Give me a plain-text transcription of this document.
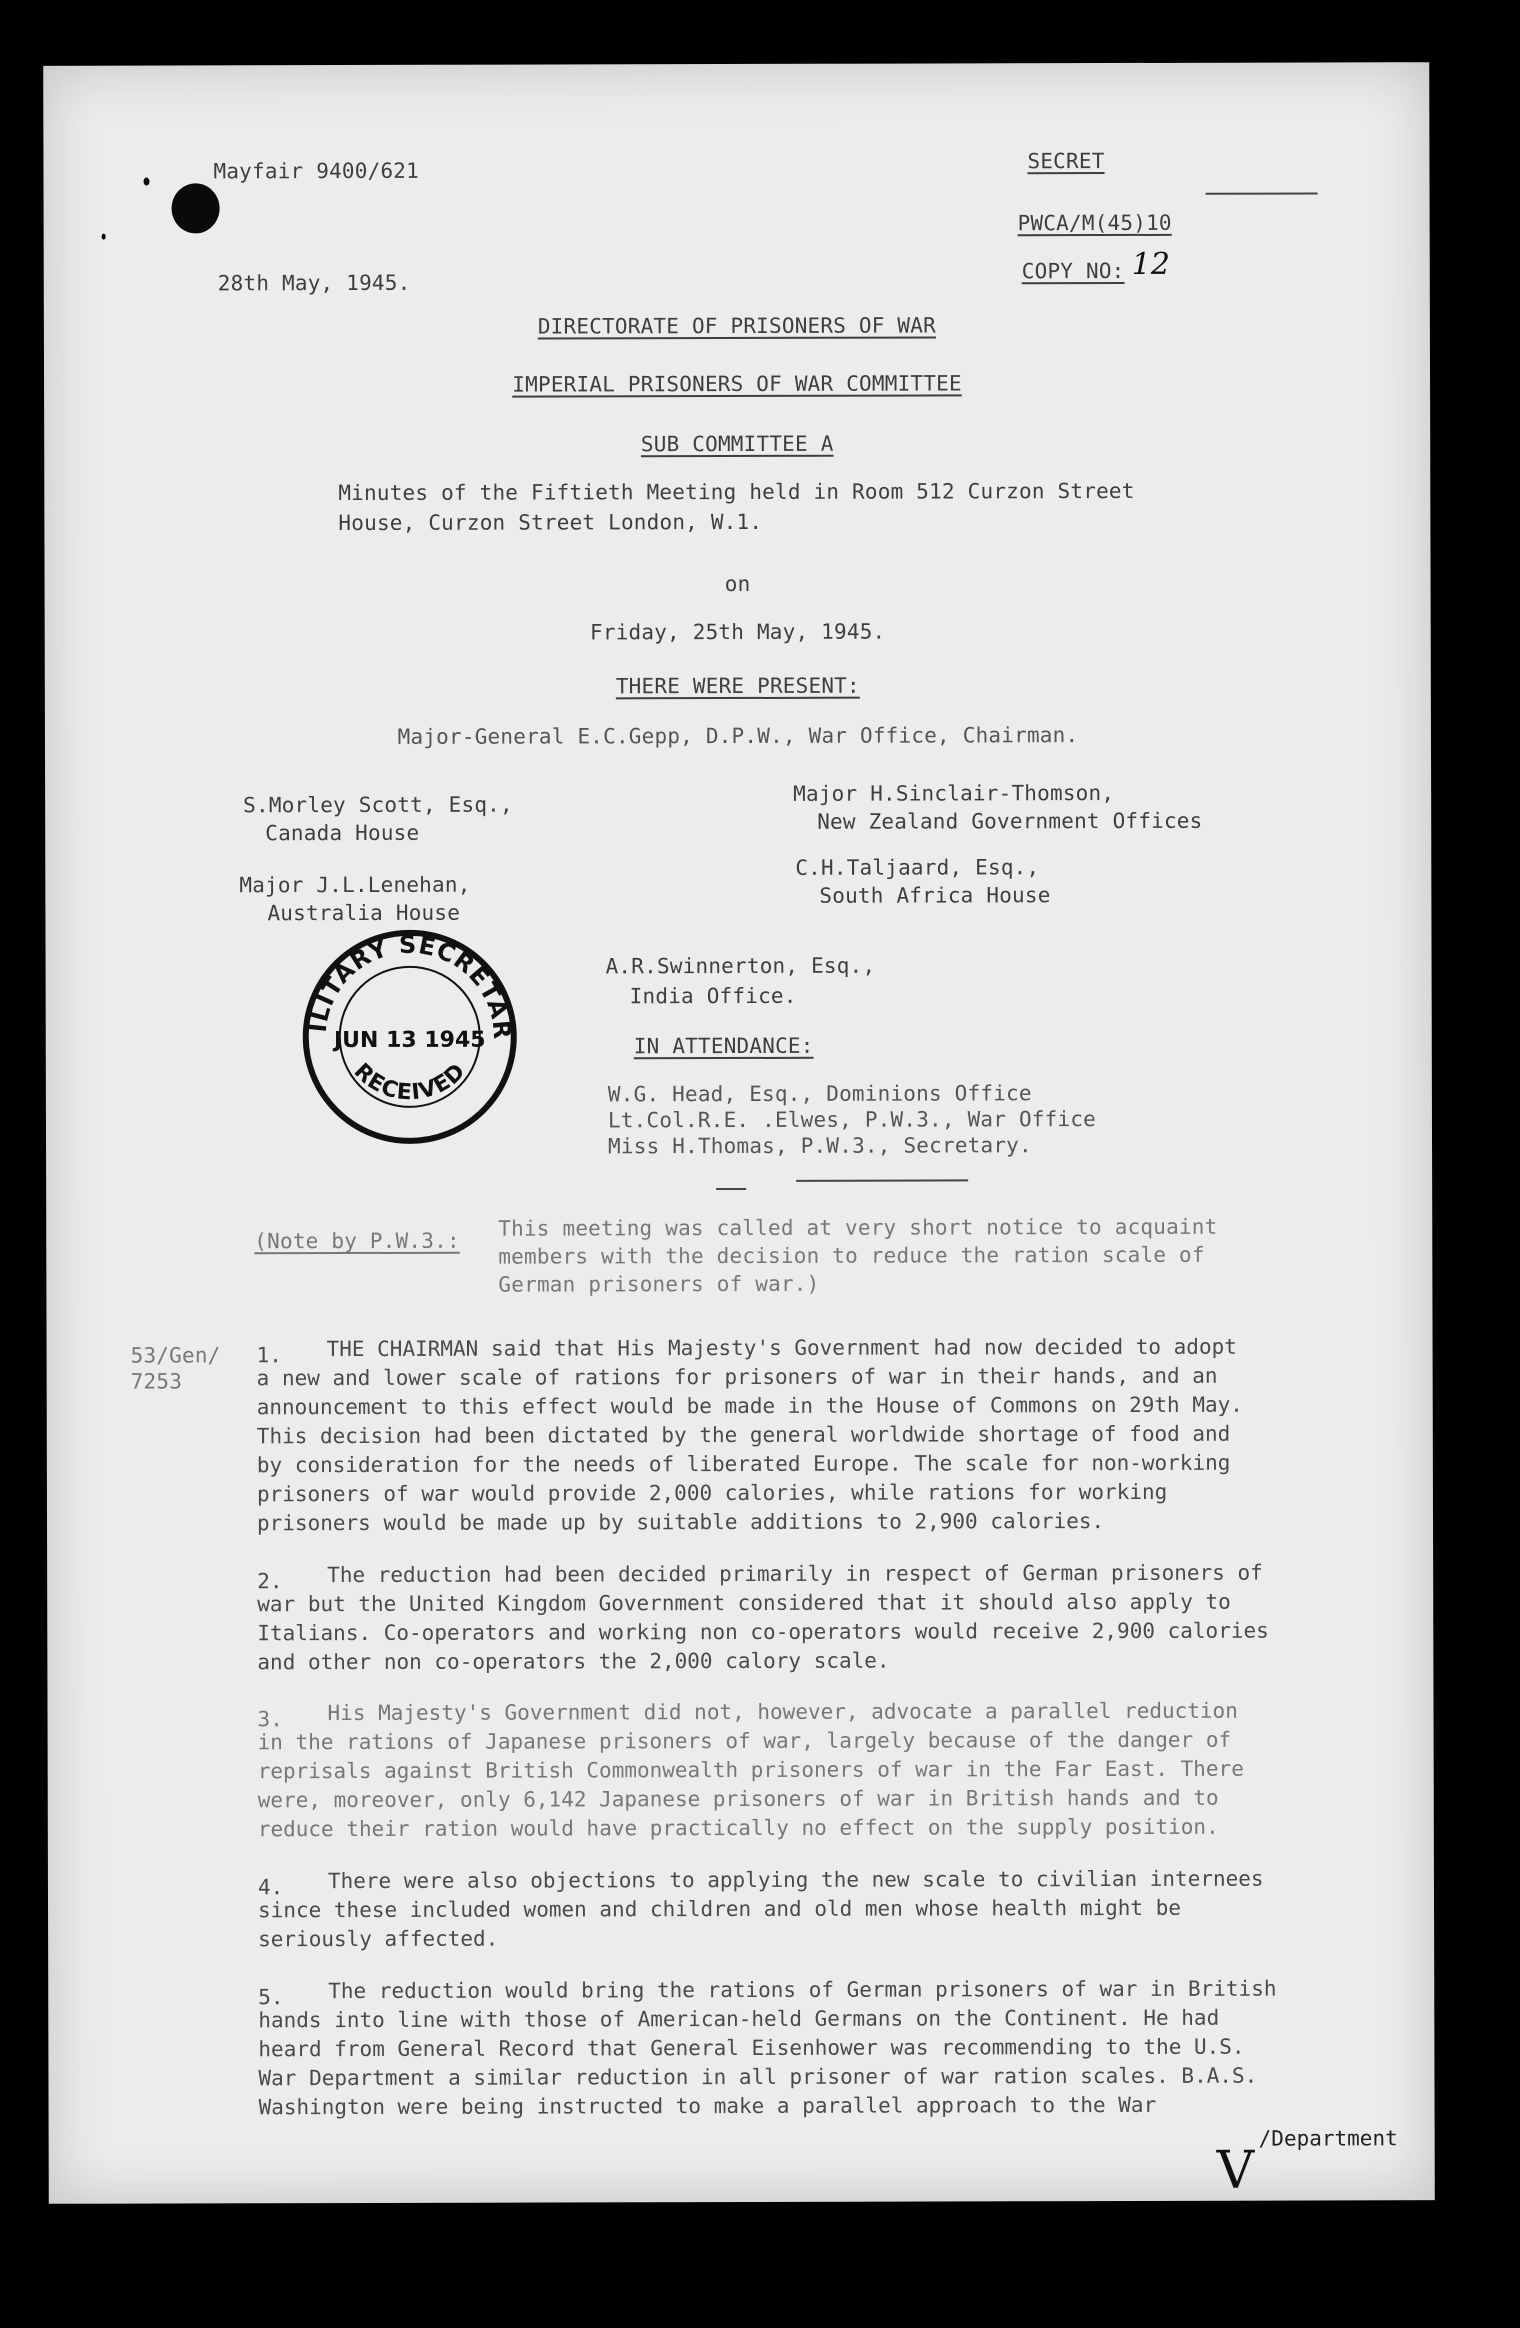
Mayfair 9400/621
28th May, 1945.
SECRET
PWCA/M(45)10
COPY NO: 12
DIRECTORATE OF PRISONERS OF WAR
IMPERIAL PRISONERS OF WAR COMMITTEE
SUB COMMITTEE A
Minutes of the Fiftieth Meeting held in Room 512 Curzon Street
House, Curzon Street London, W.1.
on
Friday, 25th May, 1945.
THERE WERE PRESENT:
Major-General E.C.Gepp, D.P.W., War Office, Chairman.
S.Morley Scott, Esq.,
Canada House
Major J.L.Lenehan,
Australia House
Major H.Sinclair-Thomson,
New Zealand Government Offices
C.H.Taljaard, Esq.,
South Africa House
A.R.Swinnerton, Esq.,
India Office.
MILITARY SECRETARY
JUN 13 1945
RECEIVED
IN ATTENDANCE:
W.G. Head, Esq., Dominions Office
Lt.Col.R.E. .Elwes, P.W.3., War Office
Miss H.Thomas, P.W.3., Secretary.
(Note by P.W.3.:
This meeting was called at very short notice to acquaint
members with the decision to reduce the ration scale of
German prisoners of war.)
53/Gen/
7253
1. THE CHAIRMAN said that His Majesty's Government had now decided to adopt
a new and lower scale of rations for prisoners of war in their hands, and an
announcement to this effect would be made in the House of Commons on 29th May.
This decision had been dictated by the general worldwide shortage of food and
by consideration for the needs of liberated Europe. The scale for non-working
prisoners of war would provide 2,000 calories, while rations for working
prisoners would be made up by suitable additions to 2,900 calories.
2. The reduction had been decided primarily in respect of German prisoners of
war but the United Kingdom Government considered that it should also apply to
Italians. Co-operators and working non co-operators would receive 2,900 calories
and other non co-operators the 2,000 calory scale.
3. His Majesty's Government did not, however, advocate a parallel reduction
in the rations of Japanese prisoners of war, largely because of the danger of
reprisals against British Commonwealth prisoners of war in the Far East. There
were, moreover, only 6,142 Japanese prisoners of war in British hands and to
reduce their ration would have practically no effect on the supply position.
4. There were also objections to applying the new scale to civilian internees
since these included women and children and old men whose health might be
seriously affected.
5. The reduction would bring the rations of German prisoners of war in British
hands into line with those of American-held Germans on the Continent. He had
heard from General Record that General Eisenhower was recommending to the U.S.
War Department a similar reduction in all prisoner of war ration scales. B.A.S.
Washington were being instructed to make a parallel approach to the War
/Department
V
